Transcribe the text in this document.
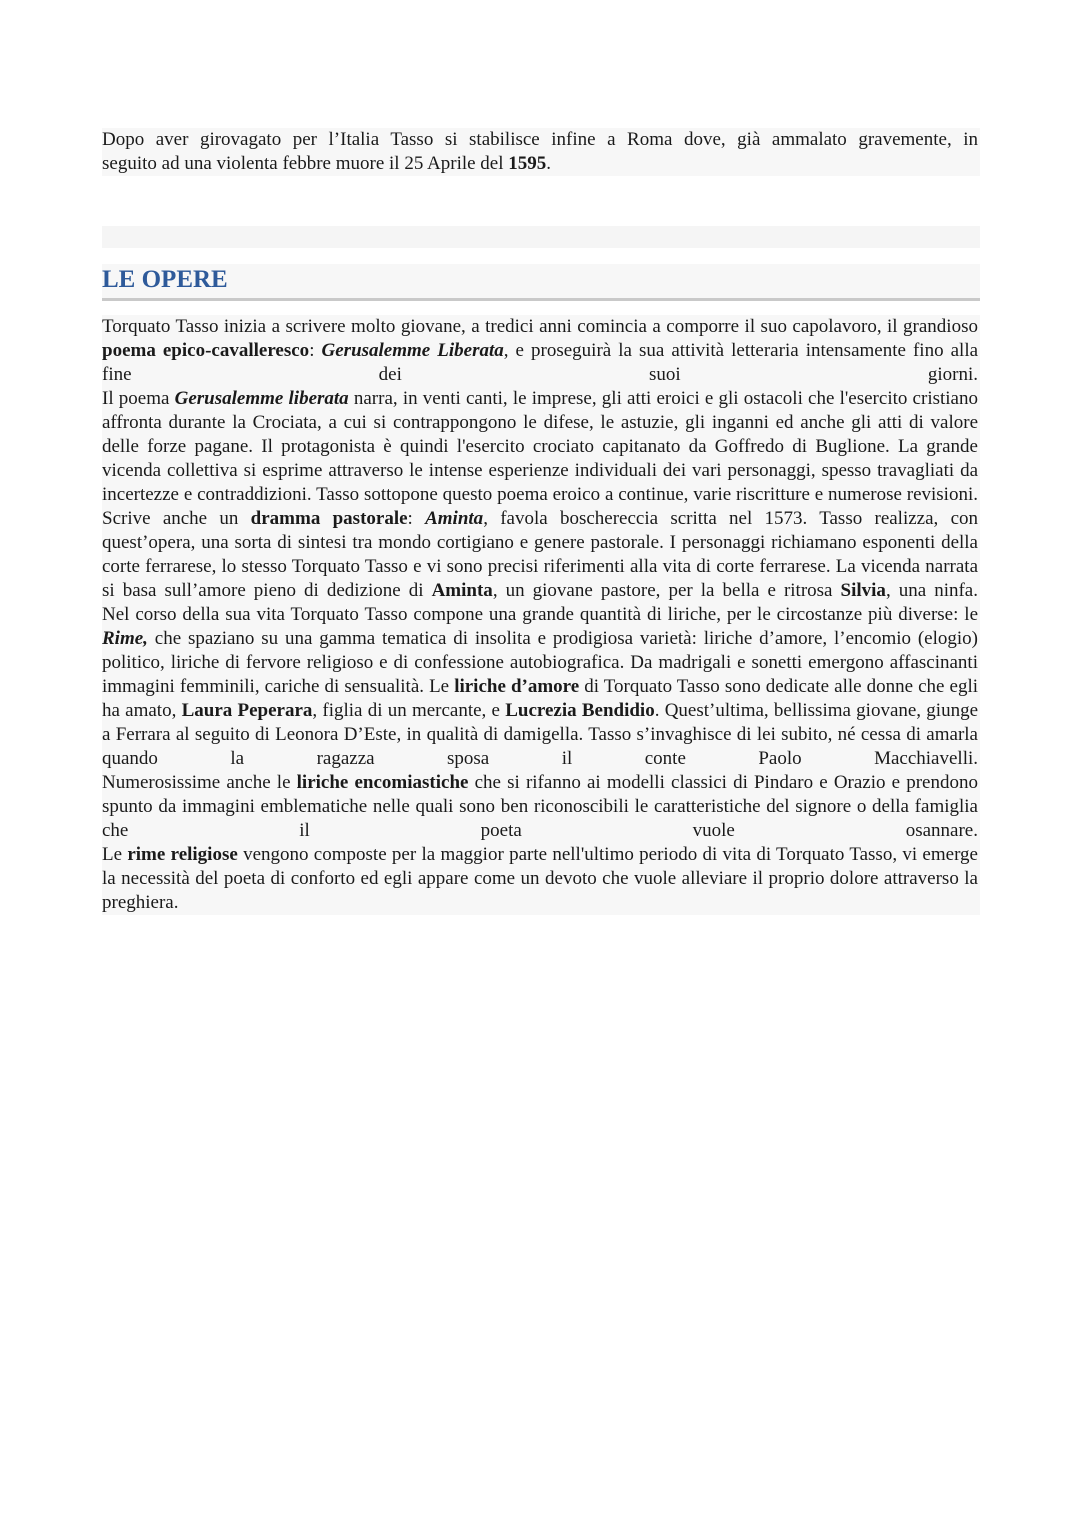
Dopo aver girovagato per l’Italia Tasso si stabilisce infine a Roma dove, già ammalato gravemente, in
seguito ad una violenta febbre muore il 25 Aprile del 1595.

LE OPERE

Torquato Tasso inizia a scrivere molto giovane, a tredici anni comincia a comporre il suo capolavoro, il grandioso poema epico-cavalleresco: Gerusalemme Liberata, e proseguirà la sua attività letteraria intensamente fino alla fine dei suoi giorni.

Il poema Gerusalemme liberata narra, in venti canti, le imprese, gli atti eroici e gli ostacoli che l'esercito cristiano affronta durante la Crociata, a cui si contrappongono le difese, le astuzie, gli inganni ed anche gli atti di valore delle forze pagane. Il protagonista è quindi l'esercito crociato capitanato da Goffredo di Buglione. La grande vicenda collettiva si esprime attraverso le intense esperienze individuali dei vari personaggi, spesso travagliati da incertezze e contraddizioni. Tasso sottopone questo poema eroico a continue, varie riscritture e numerose revisioni.

Scrive anche un dramma pastorale: Aminta, favola boschereccia scritta nel 1573. Tasso realizza, con quest’opera, una sorta di sintesi tra mondo cortigiano e genere pastorale. I personaggi richiamano esponenti della corte ferrarese, lo stesso Torquato Tasso e vi sono precisi riferimenti alla vita di corte ferrarese. La vicenda narrata si basa sull’amore pieno di dedizione di Aminta, un giovane pastore, per la bella e ritrosa Silvia, una ninfa.

Nel corso della sua vita Torquato Tasso compone una grande quantità di liriche, per le circostanze più diverse: le Rime, che spaziano su una gamma tematica di insolita e prodigiosa varietà: liriche d’amore, l’encomio (elogio) politico, liriche di fervore religioso e di confessione autobiografica. Da madrigali e sonetti emergono affascinanti immagini femminili, cariche di sensualità. Le liriche d’amore di Torquato Tasso sono dedicate alle donne che egli ha amato, Laura Peperara, figlia di un mercante, e Lucrezia Bendidio. Quest’ultima, bellissima giovane, giunge a Ferrara al seguito di Leonora D’Este, in qualità di damigella. Tasso s’invaghisce di lei subito, né cessa di amarla quando la ragazza sposa il conte Paolo Macchiavelli.

Numerosissime anche le liriche encomiastiche che si rifanno ai modelli classici di Pindaro e Orazio e prendono spunto da immagini emblematiche nelle quali sono ben riconoscibili le caratteristiche del signore o della famiglia che il poeta vuole osannare.

Le rime religiose vengono composte per la maggior parte nell'ultimo periodo di vita di Torquato Tasso, vi emerge la necessità del poeta di conforto ed egli appare come un devoto che vuole alleviare il proprio dolore attraverso la preghiera.
